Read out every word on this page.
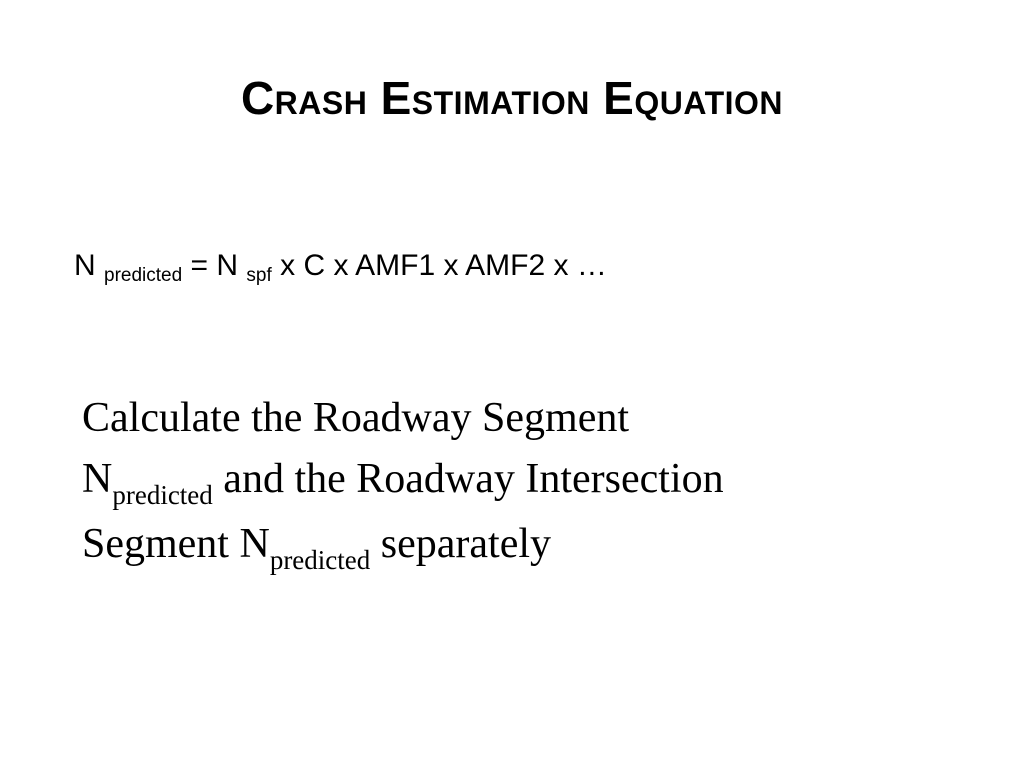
Crash Estimation Equation
N $_{predicted}$ = N $_{spf}$ x C x AMF1 x AMF2 x …
Calculate the Roadway Segment
$N_{predicted}$ and the Roadway Intersection
Segment $N_{predicted}$ separately
